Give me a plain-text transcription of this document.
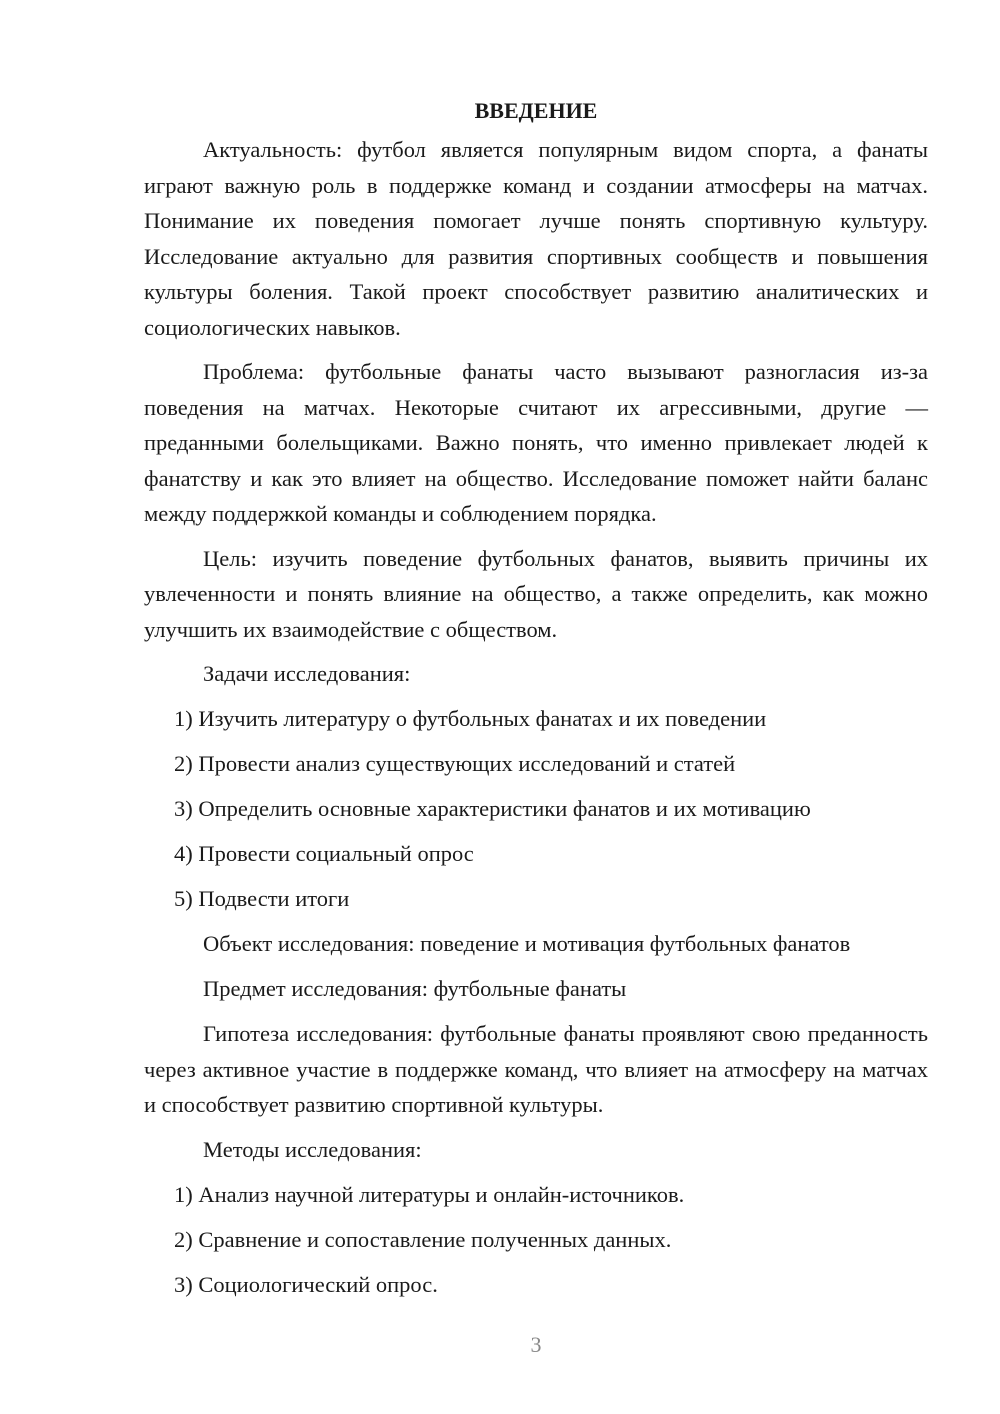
ВВЕДЕНИЕ

Актуальность: футбол является популярным видом спорта, а фанаты играют важную роль в поддержке команд и создании атмосферы на матчах. Понимание их поведения помогает лучше понять спортивную культуру. Исследование актуально для развития спортивных сообществ и повышения культуры боления. Такой проект способствует развитию аналитических и социологических навыков.

Проблема: футбольные фанаты часто вызывают разногласия из-за поведения на матчах. Некоторые считают их агрессивными, другие — преданными болельщиками. Важно понять, что именно привлекает людей к фанатству и как это влияет на общество. Исследование поможет найти баланс между поддержкой команды и соблюдением порядка.

Цель: изучить поведение футбольных фанатов, выявить причины их увлеченности и понять влияние на общество, а также определить, как можно улучшить их взаимодействие с обществом.

Задачи исследования:
1) Изучить литературу о футбольных фанатах и их поведении
2) Провести анализ существующих исследований и статей
3) Определить основные характеристики фанатов и их мотивацию
4) Провести социальный опрос
5) Подвести итоги
Объект исследования: поведение и мотивация футбольных фанатов
Предмет исследования: футбольные фанаты

Гипотеза исследования: футбольные фанаты проявляют свою преданность через активное участие в поддержке команд, что влияет на атмосферу на матчах и способствует развитию спортивной культуры.

Методы исследования:
1) Анализ научной литературы и онлайн-источников.
2) Сравнение и сопоставление полученных данных.
3) Социологический опрос.
3
